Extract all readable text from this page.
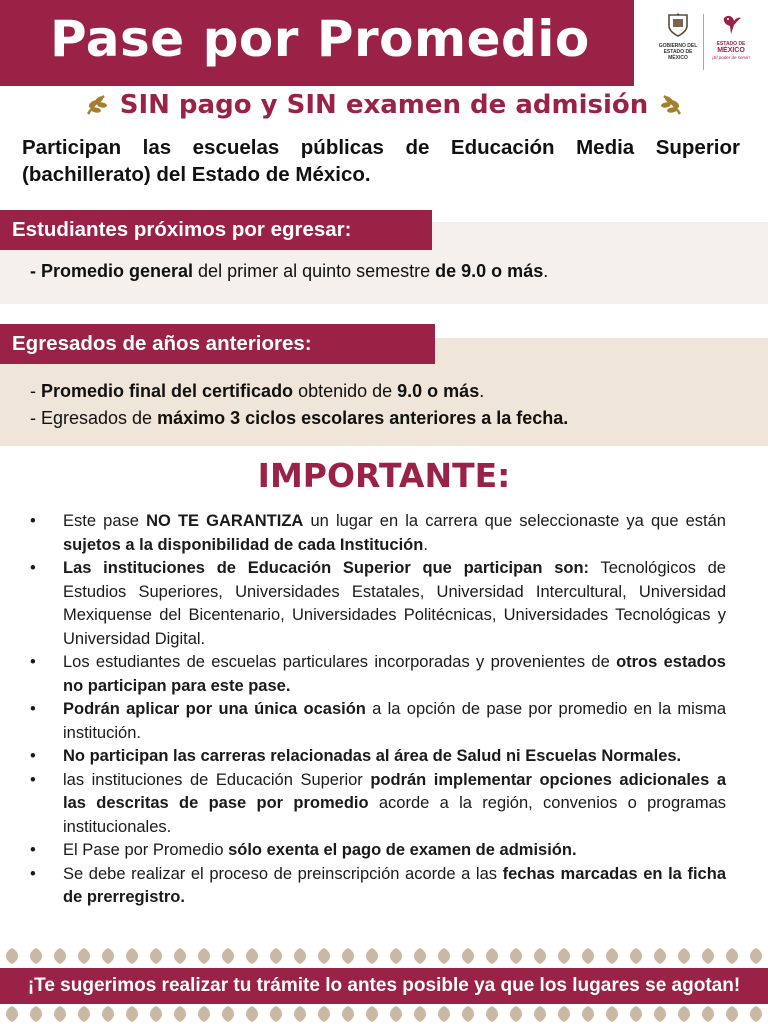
Pase por Promedio	GOBIERNO DEL
ESTADO DE
MÉXICO
ESTADO DE
MÉXICO
¡El poder de servir!
SIN pago y SIN examen de admisión
Participan las escuelas públicas de Educación Media Superior (bachillerato) del Estado de México.
Estudiantes próximos por egresar:
- Promedio general del primer al quinto semestre de 9.0 o más.
Egresados de años anteriores:
- Promedio final del certificado obtenido de 9.0 o más.
- Egresados de máximo 3 ciclos escolares anteriores a la fecha.
IMPORTANTE:
• Este pase NO TE GARANTIZA un lugar en la carrera que seleccionaste ya que están sujetos a la disponibilidad de cada Institución.
• Las instituciones de Educación Superior que participan son: Tecnológicos de Estudios Superiores, Universidades Estatales, Universidad Intercultural, Universidad Mexiquense del Bicentenario, Universidades Politécnicas, Universidades Tecnológicas y Universidad Digital.
• Los estudiantes de escuelas particulares incorporadas y provenientes de otros estados no participan para este pase.
• Podrán aplicar por una única ocasión a la opción de pase por promedio en la misma institución.
• No participan las carreras relacionadas al área de Salud ni Escuelas Normales.
• las instituciones de Educación Superior podrán implementar opciones adicionales a las descritas de pase por promedio acorde a la región, convenios o programas institucionales.
• El Pase por Promedio sólo exenta el pago de examen de admisión.
• Se debe realizar el proceso de preinscripción acorde a las fechas marcadas en la ficha de prerregistro.
¡Te sugerimos realizar tu trámite lo antes posible ya que los lugares se agotan!
